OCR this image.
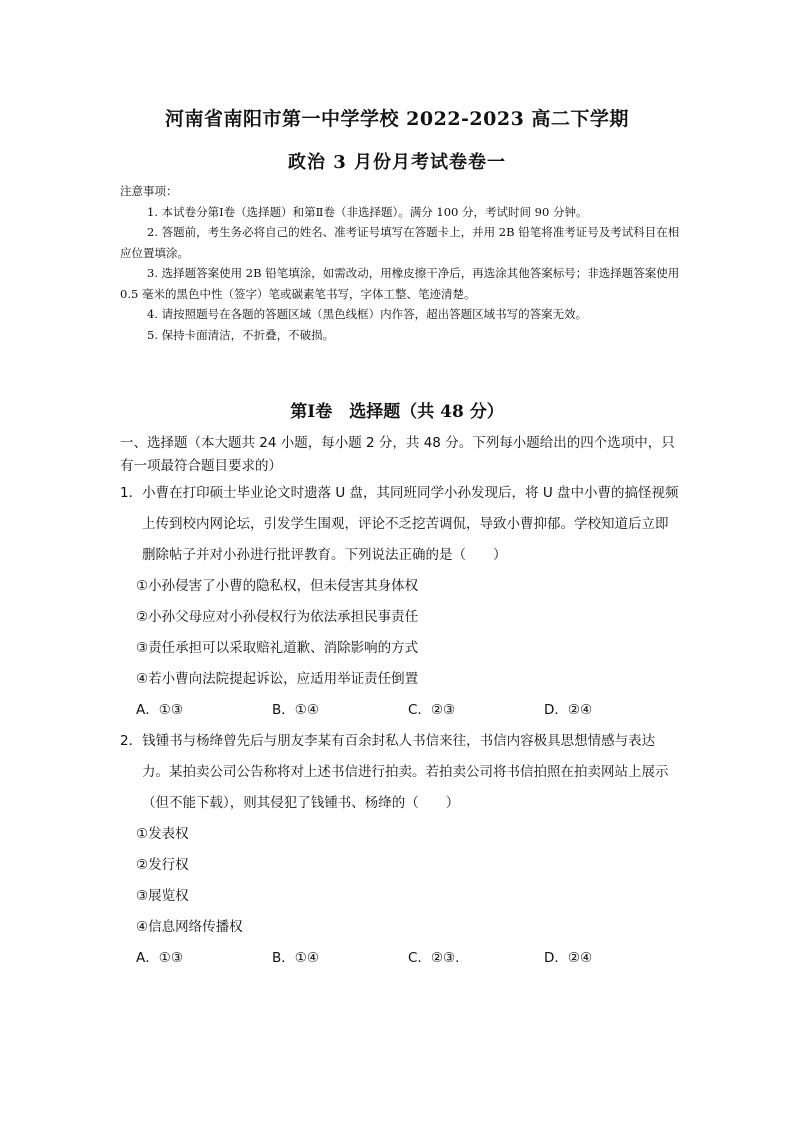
河南省南阳市第一中学学校 2022-2023 高二下学期
政治 3 月份月考试卷卷一

注意事项：

1. 本试卷分第Ⅰ卷（选择题）和第Ⅱ卷（非选择题）。满分 100 分，考试时间 90 分钟。

2. 答题前，考生务必将自己的姓名、准考证号填写在答题卡上，并用 2B 铅笔将准考证号及考试科目在相应位置填涂。

3. 选择题答案使用 2B 铅笔填涂，如需改动，用橡皮擦干净后，再选涂其他答案标号；非选择题答案使用 0.5 毫米的黑色中性（签字）笔或碳素笔书写，字体工整、笔迹清楚。

4. 请按照题号在各题的答题区域（黑色线框）内作答，超出答题区域书写的答案无效。

5. 保持卡面清洁，不折叠，不破损。

第Ⅰ卷　选择题（共 48 分）

一、选择题（本大题共 24 小题，每小题 2 分，共 48 分。下列每小题给出的四个选项中，只有一项最符合题目要求的）

1．小曹在打印硕士毕业论文时遗落 U 盘，其同班同学小孙发现后，将 U 盘中小曹的搞怪视频上传到校内网论坛，引发学生围观，评论不乏挖苦调侃，导致小曹抑郁。学校知道后立即删除帖子并对小孙进行批评教育。下列说法正确的是（　　）

①小孙侵害了小曹的隐私权，但未侵害其身体权

②小孙父母应对小孙侵权行为依法承担民事责任

③责任承担可以采取赔礼道歉、消除影响的方式

④若小曹向法院提起诉讼，应适用举证责任倒置

A．①③	B．①④	C．②③	D．②④

2．钱锺书与杨绛曾先后与朋友李某有百余封私人书信来往，书信内容极具思想情感与表达力。某拍卖公司公告称将对上述书信进行拍卖。若拍卖公司将书信拍照在拍卖网站上展示（但不能下载），则其侵犯了钱锺书、杨绛的（　　）

①发表权

②发行权

③展览权

④信息网络传播权

A．①③	B．①④	C．②③.	D．②④
